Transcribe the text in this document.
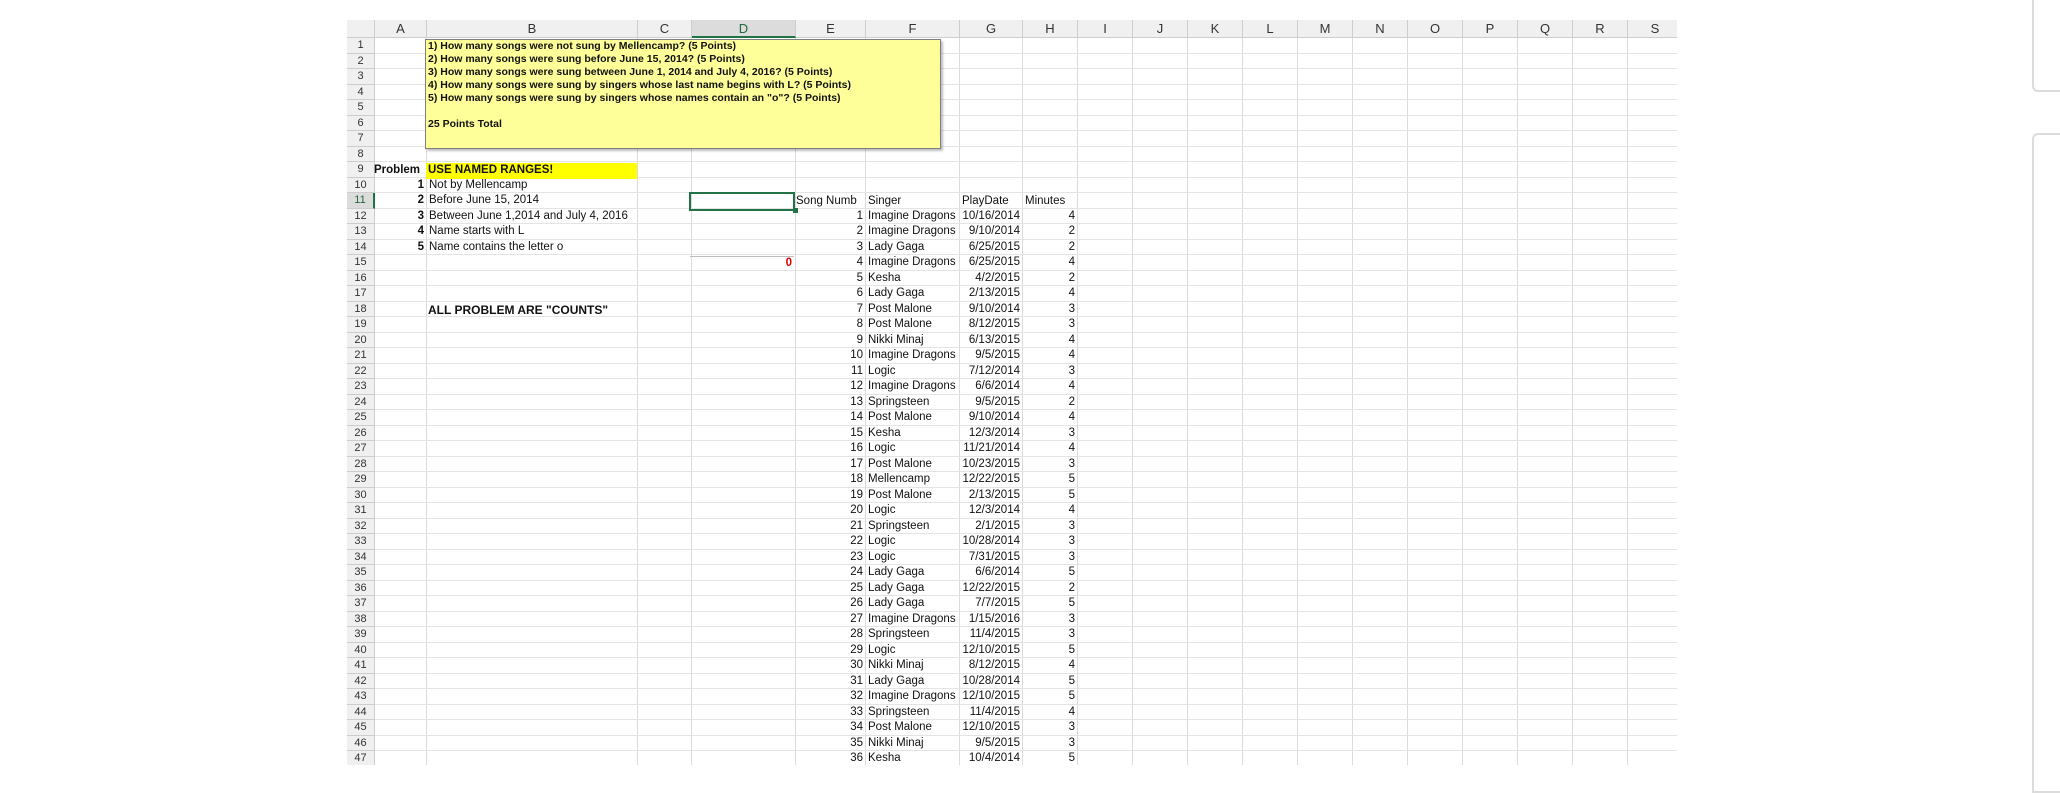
A	B	C	D	E	F	G	H	I	J	K	L	M	N	O	P	Q	R	S
1
2
3
4
5
6
7
8
9
10
11
12
13
14
15
16
17
18
19
20
21
22
23
24
25
26
27
28
29
30
31
32
33
34
35
36
37
38
39
40
41
42
43
44
45
46
47
1) How many songs were not sung by Mellencamp? (5 Points)
2) How many songs were sung before June 15, 2014? (5 Points)
3) How many songs were sung between June 1, 2014 and July 4, 2016? (5 Points)
4) How many songs were sung by singers whose last name begins with L? (5 Points)
5) How many songs were sung by singers whose names contain an "o"? (5 Points)
25 Points Total
Problem USE NAMED RANGES!
1 Not by Mellencamp
2 Before June 15, 2014
3 Between June 1,2014 and July 4, 2016
4 Name starts with L
5 Name contains the letter o
0
ALL PROBLEM ARE "COUNTS"
Song Numb Singer	PlayDate	Minutes
1 Imagine Dragons 10/16/2014	4
2 Imagine Dragons	9/10/2014	2
3 Lady Gaga	6/25/2015	2
4 Imagine Dragons	6/25/2015	4
5 Kesha	4/2/2015	2
6 Lady Gaga	2/13/2015	4
7 Post Malone	9/10/2014	3
8 Post Malone	8/12/2015	3
9 Nikki Minaj	6/13/2015	4
10 Imagine Dragons	9/5/2015	4
11 Logic	7/12/2014	3
12 Imagine Dragons	6/6/2014	4
13 Springsteen	9/5/2015	2
14 Post Malone	9/10/2014	4
15 Kesha	12/3/2014	3
16 Logic	11/21/2014	4
17 Post Malone	10/23/2015	3
18 Mellencamp	12/22/2015	5
19 Post Malone	2/13/2015	5
20 Logic	12/3/2014	4
21 Springsteen	2/1/2015	3
22 Logic	10/28/2014	3
23 Logic	7/31/2015	3
24 Lady Gaga	6/6/2014	5
25 Lady Gaga	12/22/2015	2
26 Lady Gaga	7/7/2015	5
27 Imagine Dragons	1/15/2016	3
28 Springsteen	11/4/2015	3
29 Logic	12/10/2015	5
30 Nikki Minaj	8/12/2015	4
31 Lady Gaga	10/28/2014	5
32 Imagine Dragons 12/10/2015	5
33 Springsteen	11/4/2015	4
34 Post Malone	12/10/2015	3
35 Nikki Minaj	9/5/2015	3
36 Kesha	10/4/2014	5
